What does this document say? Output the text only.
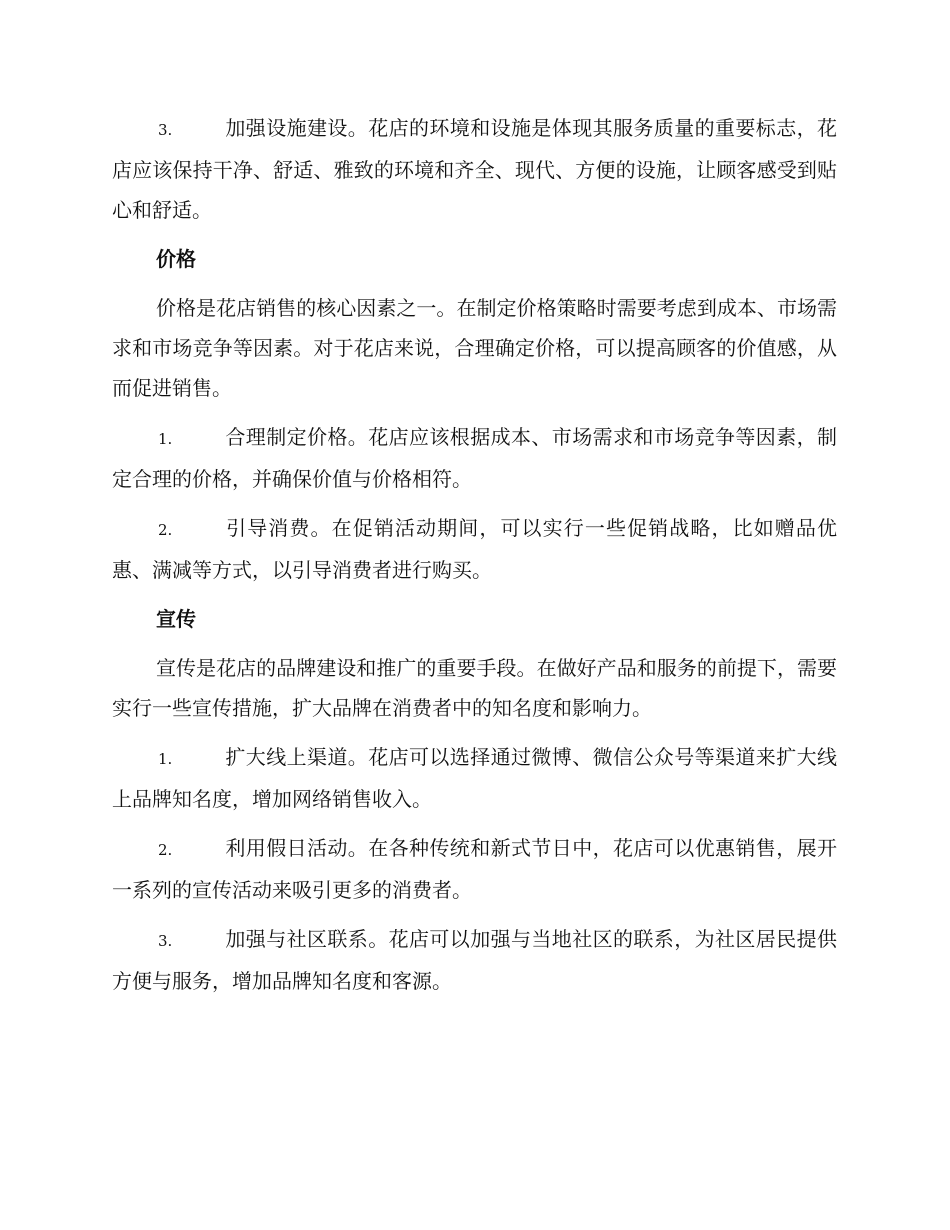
3.	加强设施建设。花店的环境和设施是体现其服务质量的重要标志，花店应该保持干净、舒适、雅致的环境和齐全、现代、方便的设施，让顾客感受到贴心和舒适。

价格

价格是花店销售的核心因素之一。在制定价格策略时需要考虑到成本、市场需求和市场竞争等因素。对于花店来说，合理确定价格，可以提高顾客的价值感，从而促进销售。

1.	合理制定价格。花店应该根据成本、市场需求和市场竞争等因素，制定合理的价格，并确保价值与价格相符。

2.	引导消费。在促销活动期间，可以实行一些促销战略，比如赠品优惠、满减等方式，以引导消费者进行购买。

宣传

宣传是花店的品牌建设和推广的重要手段。在做好产品和服务的前提下，需要实行一些宣传措施，扩大品牌在消费者中的知名度和影响力。

1.	扩大线上渠道。花店可以选择通过微博、微信公众号等渠道来扩大线上品牌知名度，增加网络销售收入。

2.	利用假日活动。在各种传统和新式节日中，花店可以优惠销售，展开一系列的宣传活动来吸引更多的消费者。

3.	加强与社区联系。花店可以加强与当地社区的联系，为社区居民提供方便与服务，增加品牌知名度和客源。
